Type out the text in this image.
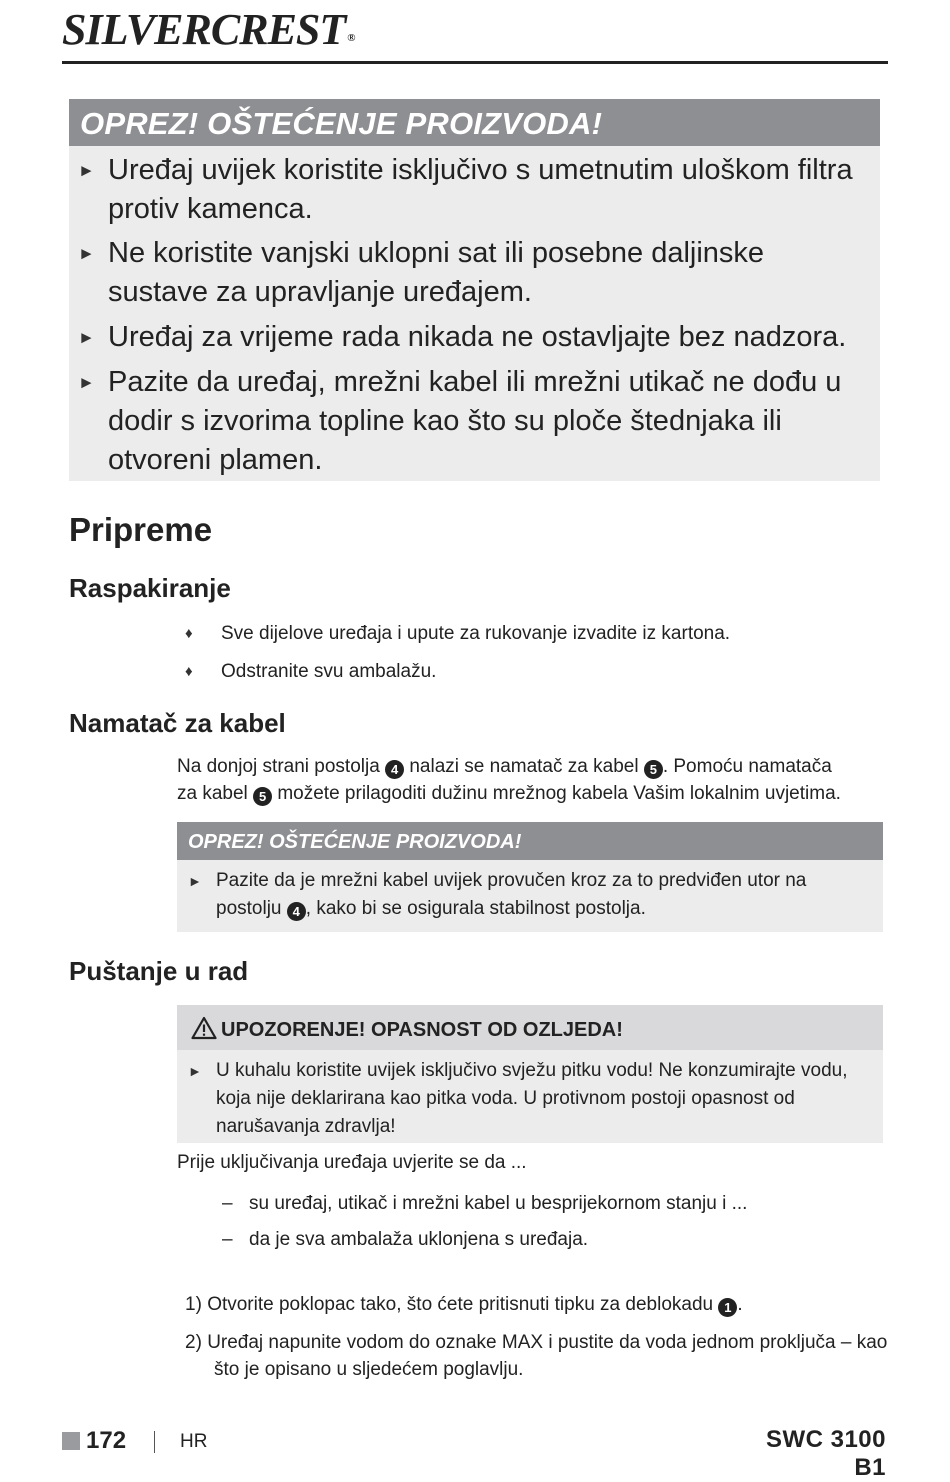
SILVERCREST ®
OPREZ! OŠTEĆENJE PROIZVODA!
► Uređaj uvijek koristite isključivo s umetnutim uloškom filtra protiv kamenca.
► Ne koristite vanjski uklopni sat ili posebne daljinske sustave za upravljanje uređajem.
► Uređaj za vrijeme rada nikada ne ostavljajte bez nadzora.
► Pazite da uređaj, mrežni kabel ili mrežni utikač ne dođu u dodir s izvorima topline kao što su ploče štednjaka ili otvoreni plamen.
Pripreme
Raspakiranje
♦ Sve dijelove uređaja i upute za rukovanje izvadite iz kartona.
♦ Odstranite svu ambalažu.
Namatač za kabel
Na donjoj strani postolja 4 nalazi se namatač za kabel 5 . Pomoću namatača
za kabel 5 možete prilagoditi dužinu mrežnog kabela Vašim lokalnim uvjetima.
OPREZ! OŠTEĆENJE PROIZVODA!
► Pazite da je mrežni kabel uvijek provučen kroz za to predviđen utor na postolju 4 , kako bi se osigurala stabilnost postolja.
Puštanje u rad
UPOZORENJE! OPASNOST OD OZLJEDA!
► U kuhalu koristite uvijek isključivo svježu pitku vodu! Ne konzumirajte vodu, koja nije deklarirana kao pitka voda. U protivnom postoji opasnost od narušavanja zdravlja!
Prije uključivanja uređaja uvjerite se da ...
– su uređaj, utikač i mrežni kabel u besprijekornom stanju i ...
– da je sva ambalaža uklonjena s uređaja.
1) Otvorite poklopac tako, što ćete pritisnuti tipku za deblokadu 1 .
2) Uređaj napunite vodom do oznake MAX i pustite da voda jednom proključa – kao što je opisano u sljedećem poglavlju.
172	HR	SWC 3100 B1
